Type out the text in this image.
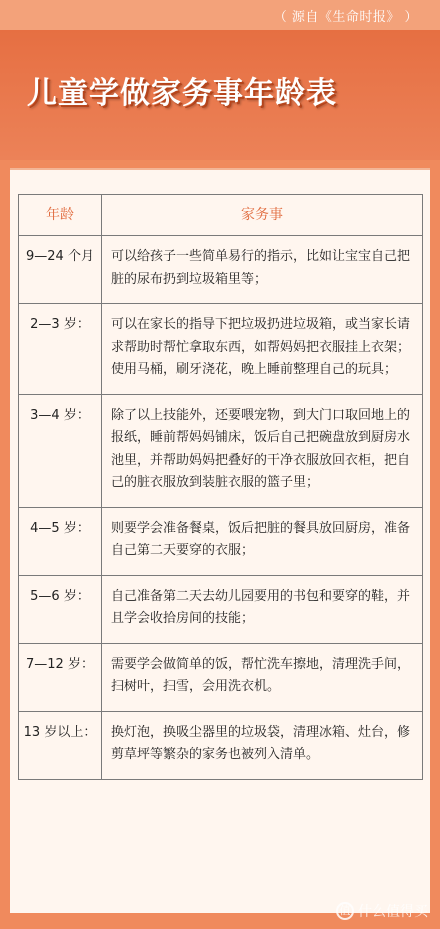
（ 源自《生命时报》 ）
儿童学做家务事年龄表
年龄	家务事
9—24 个月	可以给孩子一些简单易行的指示，比如让宝宝自己把脏的尿布扔到垃圾箱里等；
2—3 岁：	可以在家长的指导下把垃圾扔进垃圾箱，或当家长请求帮助时帮忙拿取东西，如帮妈妈把衣服挂上衣架；使用马桶，刷牙浇花，晚上睡前整理自己的玩具；
3—4 岁：	除了以上技能外，还要喂宠物，到大门口取回地上的报纸，睡前帮妈妈铺床，饭后自己把碗盘放到厨房水池里，并帮助妈妈把叠好的干净衣服放回衣柜，把自己的脏衣服放到装脏衣服的篮子里；
4—5 岁：	则要学会准备餐桌，饭后把脏的餐具放回厨房，准备自己第二天要穿的衣服；
5—6 岁：	自己准备第二天去幼儿园要用的书包和要穿的鞋，并且学会收拾房间的技能；
7—12 岁：	需要学会做简单的饭，帮忙洗车擦地，清理洗手间，扫树叶，扫雪，会用洗衣机。
13 岁以上：	换灯泡，换吸尘器里的垃圾袋，清理冰箱、灶台，修剪草坪等繁杂的家务也被列入清单。
值 什么值得买
